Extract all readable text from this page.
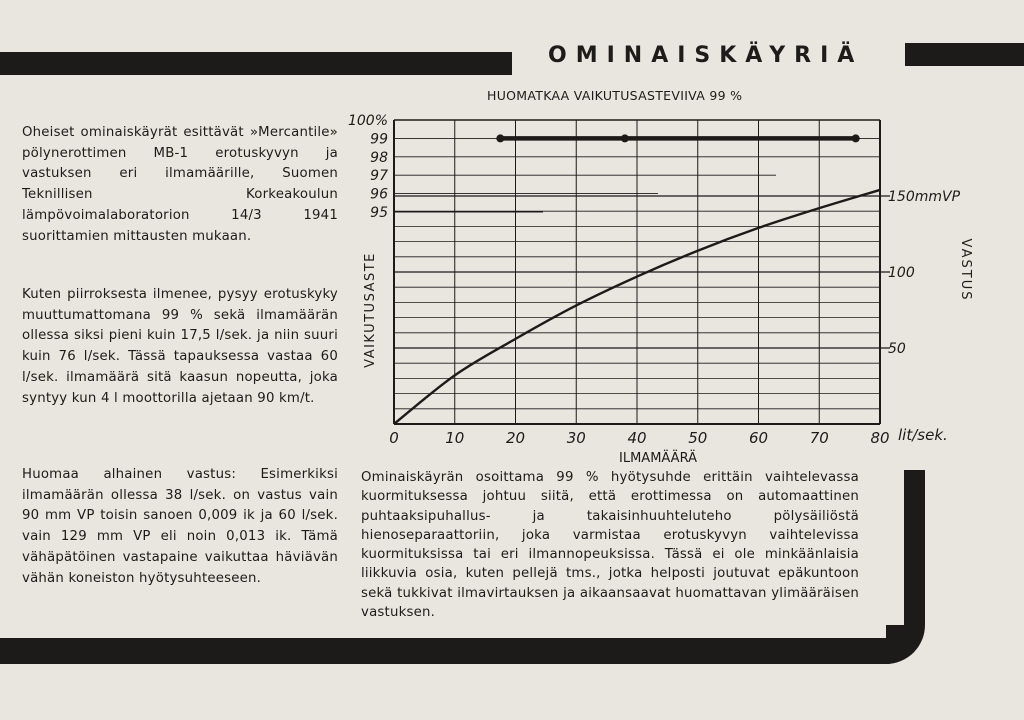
OMINAISKÄYRIÄ
HUOMATKAA VAIKUTUSASTEVIIVA 99 %

Oheiset ominaiskäyrät esittävät »Mercantile» pölynerottimen MB-1 erotuskyvyn ja vastuksen eri ilmamäärille, Suomen Teknillisen Korkeakoulun lämpövoimalaboratorion 14/3 1941 suorittamien mittausten mukaan.

Kuten piirroksesta ilmenee, pysyy erotuskyky muuttumattomana 99 % sekä ilmamäärän ollessa siksi pieni kuin 17,5 l/sek. ja niin suuri kuin 76 l/sek. Tässä tapauksessa vastaa 60 l/sek. ilmamäärä sitä kaasun nopeutta, joka syntyy kun 4 l moottorilla ajetaan 90 km/t.

Huomaa alhainen vastus: Esimerkiksi ilmamäärän ollessa 38 l/sek. on vastus vain 90 mm VP toisin sanoen 0,009 ik ja 60 l/sek. vain 129 mm VP eli noin 0,013 ik. Tämä vähäpätöinen vastapaine vaikuttaa häviävän vähän koneiston hyötysuhteeseen.

Ominaiskäyrän osoittama 99 % hyötysuhde erittäin vaihtelevassa kuormituksessa johtuu siitä, että erottimessa on automaattinen puhtaaksipuhallus- ja takaisinhuuhteluteho pölysäiliöstä hienoseparaattoriin, joka varmistaa erotuskyvyn vaihtelevissa kuormituksissa tai eri ilmannopeuksissa. Tässä ei ole minkäänlaisia liikkuvia osia, kuten pellejä tms., jotka helposti joutuvat epäkuntoon sekä tukkivat ilmavirtauksen ja aikaansaavat huomattavan ylimääräisen vastuksen.

0	10	20	30	40	50	60	70	80
100%
99
98
97
96
95
150mmVP
100
50
ILMAMÄÄRÄ
VAIKUTUSASTE	VASTUS
lit/sek.
